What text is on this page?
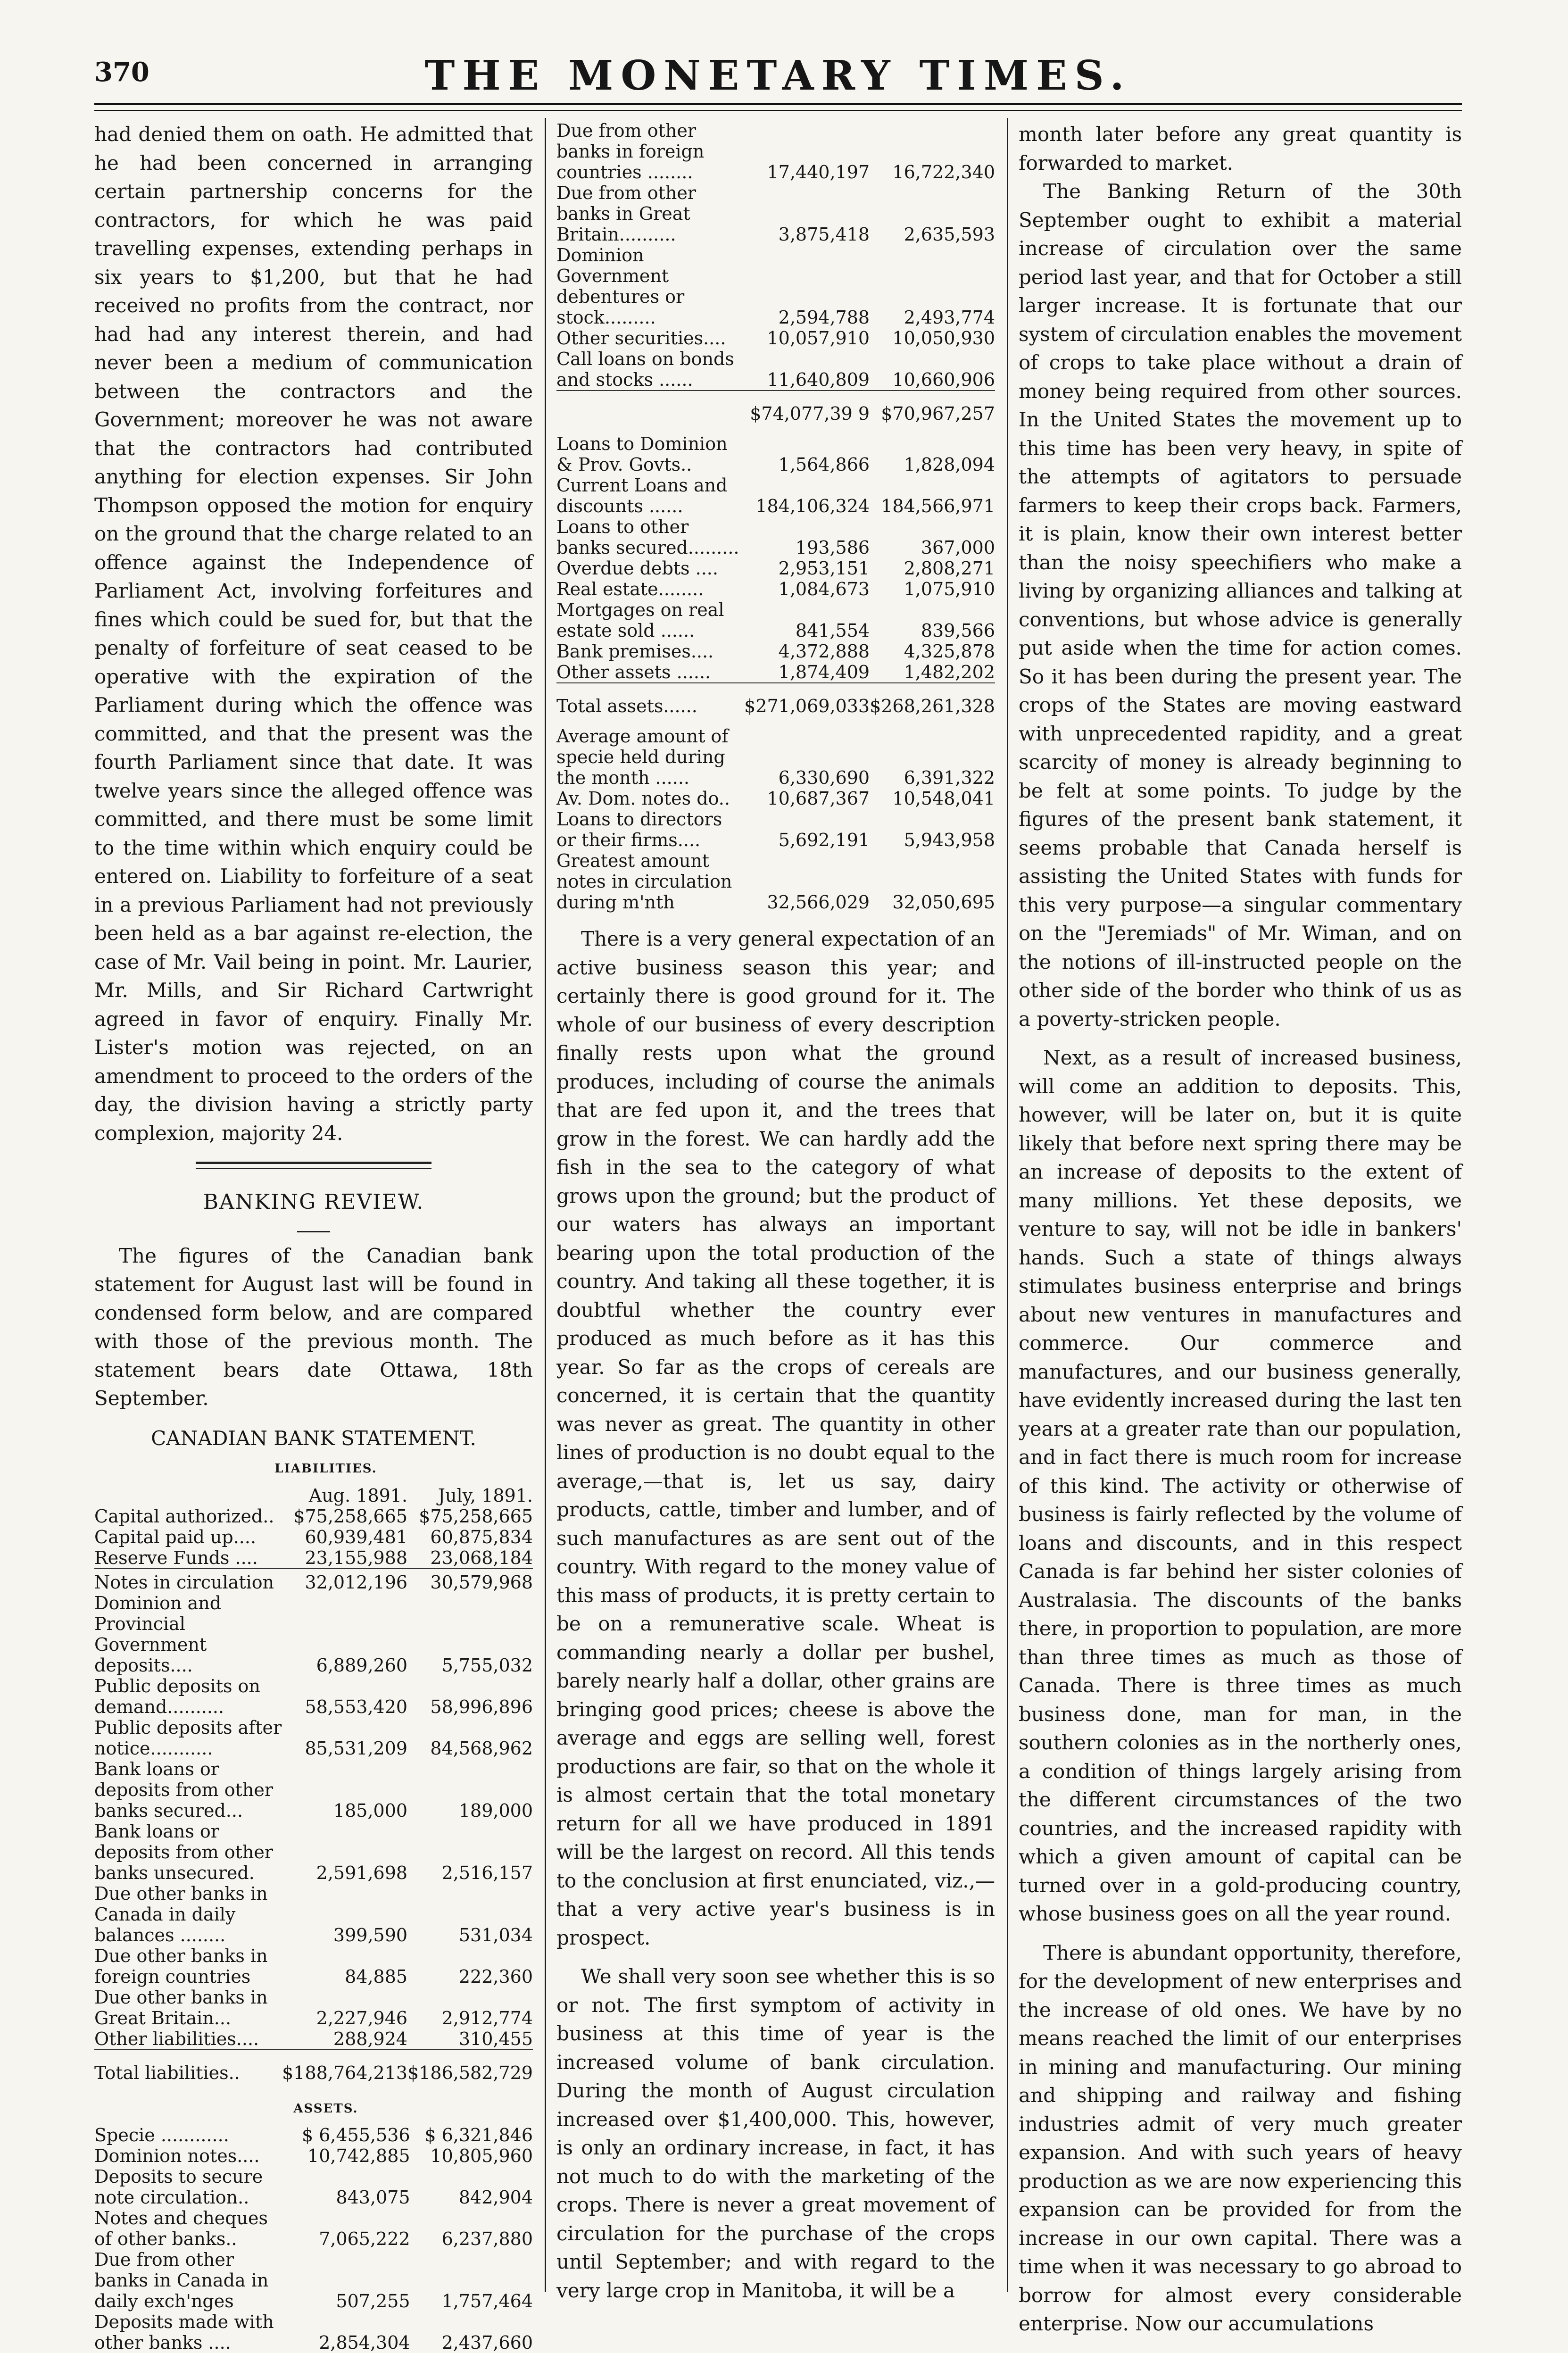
370	THE MONETARY TIMES.

had denied them on oath. He admitted that he had been concerned in arranging certain partnership concerns for the contractors, for which he was paid travelling expenses, extending perhaps in six years to $1,200, but that he had received no profits from the contract, nor had had any interest therein, and had never been a medium of communication between the contractors and the Government; moreover he was not aware that the contractors had contributed anything for election expenses. Sir John Thompson opposed the motion for enquiry on the ground that the charge related to an offence against the Independence of Parliament Act, involving forfeitures and fines which could be sued for, but that the penalty of forfeiture of seat ceased to be operative with the expiration of the Parliament during which the offence was committed, and that the present was the fourth Parliament since that date. It was twelve years since the alleged offence was committed, and there must be some limit to the time within which enquiry could be entered on. Liability to forfeiture of a seat in a previous Parliament had not previously been held as a bar against re-election, the case of Mr. Vail being in point. Mr. Laurier, Mr. Mills, and Sir Richard Cartwright agreed in favor of enquiry. Finally Mr. Lister's motion was rejected, on an amendment to proceed to the orders of the day, the division having a strictly party complexion, majority 24.

BANKING REVIEW.

The figures of the Canadian bank statement for August last will be found in condensed form below, and are compared with those of the previous month. The statement bears date Ottawa, 18th September.

CANADIAN BANK STATEMENT.

LIABILITIES.

	Aug. 1891.	July, 1891.
Capital authorized..	$75,258,665	$75,258,665
Capital paid up....	60,939,481	60,875,834
Reserve Funds ....	23,155,988	23,068,184
Notes in circulation	32,012,196	30,579,968
Dominion and Provincial Government deposits....	6,889,260	5,755,032
Public deposits on demand..........	58,553,420	58,996,896
Public deposits after notice...........	85,531,209	84,568,962
Bank loans or deposits from other banks secured...	185,000	189,000
Bank loans or deposits from other banks unsecured.	2,591,698	2,516,157
Due other banks in Canada in daily balances ........	399,590	531,034
Due other banks in foreign countries	84,885	222,360
Due other banks in Great Britain...	2,227,946	2,912,774
Other liabilities....	288,924	310,455
Total liabilities..	$188,764,213	$186,582,729

ASSETS.

Specie ............	$ 6,455,536	$ 6,321,846
Dominion notes....	10,742,885	10,805,960
Deposits to secure note circulation..	843,075	842,904
Notes and cheques of other banks..	7,065,222	6,237,880
Due from other banks in Canada in daily exch'nges	507,255	1,757,464
Deposits made with other banks ....	2,854,304	2,437,660
Due from other banks in foreign countries ........	17,440,197	16,722,340
Due from other banks in Great Britain..........	3,875,418	2,635,593
Dominion Government debentures or stock.........	2,594,788	2,493,774
Other securities....	10,057,910	10,050,930
Call loans on bonds and stocks ......	11,640,809	10,660,906
	$74,077,39 9	$70,967,257
Loans to Dominion & Prov. Govts..	1,564,866	1,828,094
Current Loans and discounts ......	184,106,324	184,566,971
Loans to other banks secured.........	193,586	367,000
Overdue debts ....	2,953,151	2,808,271
Real estate........	1,084,673	1,075,910
Mortgages on real estate sold ......	841,554	839,566
Bank premises....	4,372,888	4,325,878
Other assets ......	1,874,409	1,482,202
Total assets......	$271,069,033	$268,261,328
Average amount of specie held during the month ......	6,330,690	6,391,322
Av. Dom. notes do..	10,687,367	10,548,041
Loans to directors or their firms....	5,692,191	5,943,958
Greatest amount notes in circulation during m'nth	32,566,029	32,050,695

There is a very general expectation of an active business season this year; and certainly there is good ground for it. The whole of our business of every description finally rests upon what the ground produces, including of course the animals that are fed upon it, and the trees that grow in the forest. We can hardly add the fish in the sea to the category of what grows upon the ground; but the product of our waters has always an important bearing upon the total production of the country. And taking all these together, it is doubtful whether the country ever produced as much before as it has this year. So far as the crops of cereals are concerned, it is certain that the quantity was never as great. The quantity in other lines of production is no doubt equal to the average,—that is, let us say, dairy products, cattle, timber and lumber, and of such manufactures as are sent out of the country. With regard to the money value of this mass of products, it is pretty certain to be on a remunerative scale. Wheat is commanding nearly a dollar per bushel, barely nearly half a dollar, other grains are bringing good prices; cheese is above the average and eggs are selling well, forest productions are fair, so that on the whole it is almost certain that the total monetary return for all we have produced in 1891 will be the largest on record. All this tends to the conclusion at first enunciated, viz.,—that a very active year's business is in prospect.

We shall very soon see whether this is so or not. The first symptom of activity in business at this time of year is the increased volume of bank circulation. During the month of August circulation increased over $1,400,000. This, however, is only an ordinary increase, in fact, it has not much to do with the marketing of the crops. There is never a great movement of circulation for the purchase of the crops until September; and with regard to the very large crop in Manitoba, it will be a

month later before any great quantity is forwarded to market.

The Banking Return of the 30th September ought to exhibit a material increase of circulation over the same period last year, and that for October a still larger increase. It is fortunate that our system of circulation enables the movement of crops to take place without a drain of money being required from other sources. In the United States the movement up to this time has been very heavy, in spite of the attempts of agitators to persuade farmers to keep their crops back. Farmers, it is plain, know their own interest better than the noisy speechifiers who make a living by organizing alliances and talking at conventions, but whose advice is generally put aside when the time for action comes. So it has been during the present year. The crops of the States are moving eastward with unprecedented rapidity, and a great scarcity of money is already beginning to be felt at some points. To judge by the figures of the present bank statement, it seems probable that Canada herself is assisting the United States with funds for this very purpose—a singular commentary on the "Jeremiads" of Mr. Wiman, and on the notions of ill-instructed people on the other side of the border who think of us as a poverty-stricken people.

Next, as a result of increased business, will come an addition to deposits. This, however, will be later on, but it is quite likely that before next spring there may be an increase of deposits to the extent of many millions. Yet these deposits, we venture to say, will not be idle in bankers' hands. Such a state of things always stimulates business enterprise and brings about new ventures in manufactures and commerce. Our commerce and manufactures, and our business generally, have evidently increased during the last ten years at a greater rate than our population, and in fact there is much room for increase of this kind. The activity or otherwise of business is fairly reflected by the volume of loans and discounts, and in this respect Canada is far behind her sister colonies of Australasia. The discounts of the banks there, in proportion to population, are more than three times as much as those of Canada. There is three times as much business done, man for man, in the southern colonies as in the northerly ones, a condition of things largely arising from the different circumstances of the two countries, and the increased rapidity with which a given amount of capital can be turned over in a gold-producing country, whose business goes on all the year round.

There is abundant opportunity, therefore, for the development of new enterprises and the increase of old ones. We have by no means reached the limit of our enterprises in mining and manufacturing. Our mining and shipping and railway and fishing industries admit of very much greater expansion. And with such years of heavy production as we are now experiencing this expansion can be provided for from the increase in our own capital. There was a time when it was necessary to go abroad to borrow for almost every considerable enterprise. Now our accumulations
